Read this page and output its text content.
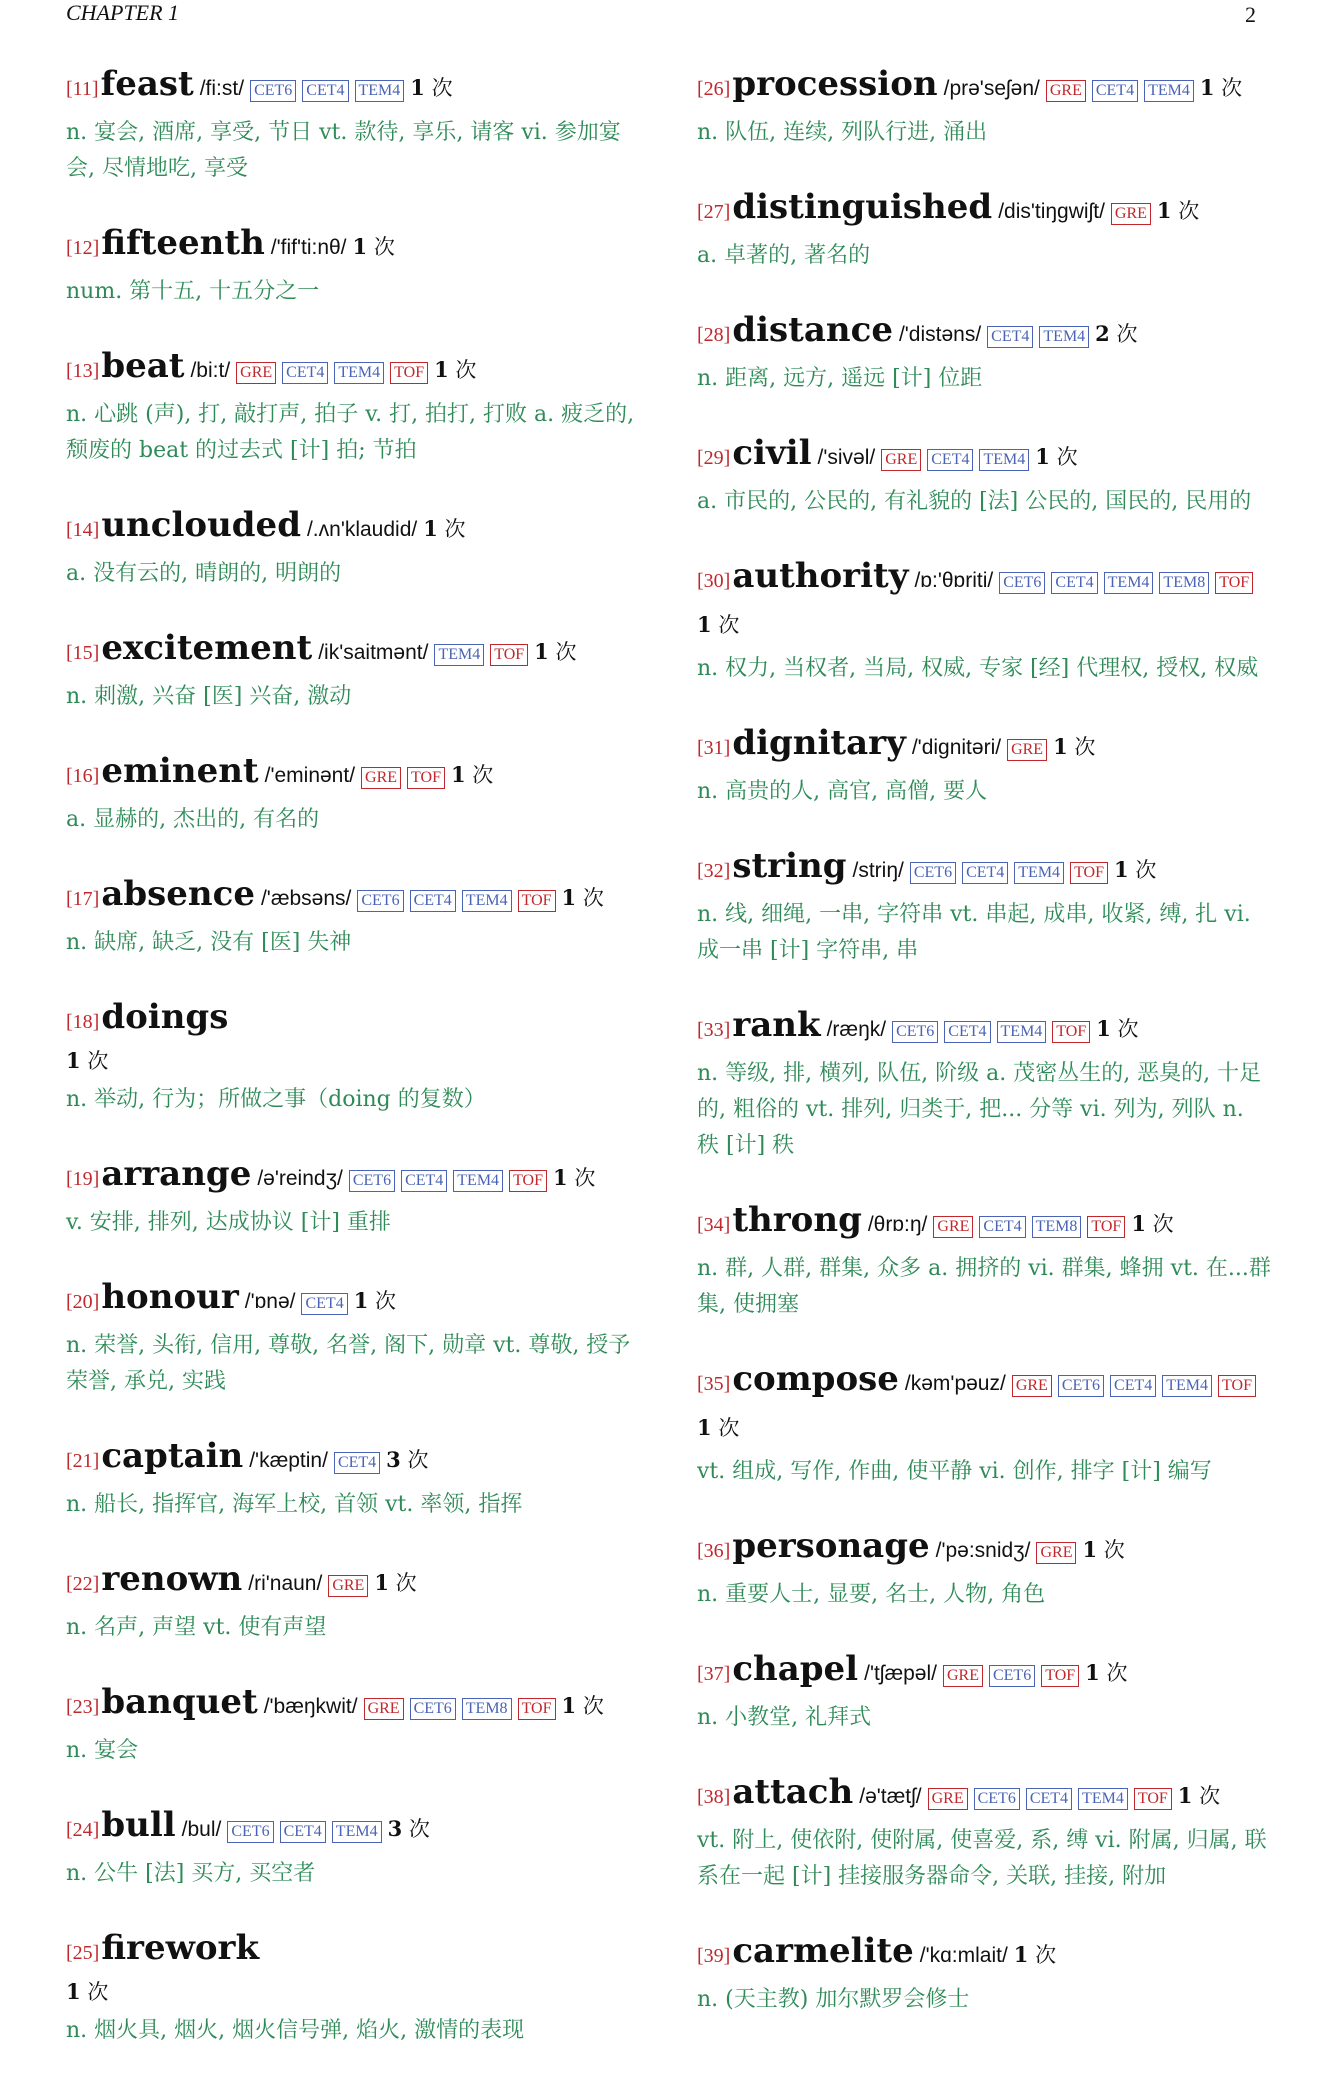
CHAPTER 1	2
[11] feast /fi:st/ CET6 CET4 TEM4 1 次
n. 宴会, 酒席, 享受, 节日 vt. 款待, 享乐, 请客 vi. 参加宴会, 尽情地吃, 享受
[12] fifteenth /'fif'ti:nθ/ 1 次
num. 第十五, 十五分之一
[13] beat /bi:t/ GRE CET4 TEM4 TOF 1 次
n. 心跳 (声), 打, 敲打声, 拍子 v. 打, 拍打, 打败 a. 疲乏的, 颓废的 beat 的过去式 [计] 拍; 节拍
[14] unclouded /.ʌn'klaudid/ 1 次
a. 没有云的, 晴朗的, 明朗的
[15] excitement /ik'saitmənt/ TEM4 TOF 1 次
n. 刺激, 兴奋 [医] 兴奋, 激动
[16] eminent /'eminənt/ GRE TOF 1 次
a. 显赫的, 杰出的, 有名的
[17] absence /'æbsəns/ CET6 CET4 TEM4 TOF 1 次
n. 缺席, 缺乏, 没有 [医] 失神
[18] doings
1 次
n. 举动, 行为；所做之事（doing 的复数）
[19] arrange /ə'reindʒ/ CET6 CET4 TEM4 TOF 1 次
v. 安排, 排列, 达成协议 [计] 重排
[20] honour /'ɒnə/ CET4 1 次
n. 荣誉, 头衔, 信用, 尊敬, 名誉, 阁下, 勋章 vt. 尊敬, 授予荣誉, 承兑, 实践
[21] captain /'kæptin/ CET4 3 次
n. 船长, 指挥官, 海军上校, 首领 vt. 率领, 指挥
[22] renown /ri'naun/ GRE 1 次
n. 名声, 声望 vt. 使有声望
[23] banquet /'bæŋkwit/ GRE CET6 TEM8 TOF 1 次
n. 宴会
[24] bull /bul/ CET6 CET4 TEM4 3 次
n. 公牛 [法] 买方, 买空者
[25] firework
1 次
n. 烟火具, 烟火, 烟火信号弹, 焰火, 激情的表现
[26] procession /prə'seʃən/ GRE CET4 TEM4 1 次
n. 队伍, 连续, 列队行进, 涌出
[27] distinguished /dis'tiŋgwiʃt/ GRE 1 次
a. 卓著的, 著名的
[28] distance /'distəns/ CET4 TEM4 2 次
n. 距离, 远方, 遥远 [计] 位距
[29] civil /'sivəl/ GRE CET4 TEM4 1 次
a. 市民的, 公民的, 有礼貌的 [法] 公民的, 国民的, 民用的
[30] authority /ɒ:'θɒriti/ CET6 CET4 TEM4 TEM8 TOF
1 次
n. 权力, 当权者, 当局, 权威, 专家 [经] 代理权, 授权, 权威
[31] dignitary /'dignitəri/ GRE 1 次
n. 高贵的人, 高官, 高僧, 要人
[32] string /striŋ/ CET6 CET4 TEM4 TOF 1 次
n. 线, 细绳, 一串, 字符串 vt. 串起, 成串, 收紧, 缚, 扎 vi. 成一串 [计] 字符串, 串
[33] rank /ræŋk/ CET6 CET4 TEM4 TOF 1 次
n. 等级, 排, 横列, 队伍, 阶级 a. 茂密丛生的, 恶臭的, 十足的, 粗俗的 vt. 排列, 归类于, 把... 分等 vi. 列为, 列队 n. 秩 [计] 秩
[34] throng /θrɒ:ŋ/ GRE CET4 TEM8 TOF 1 次
n. 群, 人群, 群集, 众多 a. 拥挤的 vi. 群集, 蜂拥 vt. 在...群集, 使拥塞
[35] compose /kəm'pəuz/ GRE CET6 CET4 TEM4 TOF
1 次
vt. 组成, 写作, 作曲, 使平静 vi. 创作, 排字 [计] 编写
[36] personage /'pə:snidʒ/ GRE 1 次
n. 重要人士, 显要, 名士, 人物, 角色
[37] chapel /'tʃæpəl/ GRE CET6 TOF 1 次
n. 小教堂, 礼拜式
[38] attach /ə'tætʃ/ GRE CET6 CET4 TEM4 TOF 1 次
vt. 附上, 使依附, 使附属, 使喜爱, 系, 缚 vi. 附属, 归属, 联系在一起 [计] 挂接服务器命令, 关联, 挂接, 附加
[39] carmelite /'kɑ:mlait/ 1 次
n. (天主教) 加尔默罗会修士
